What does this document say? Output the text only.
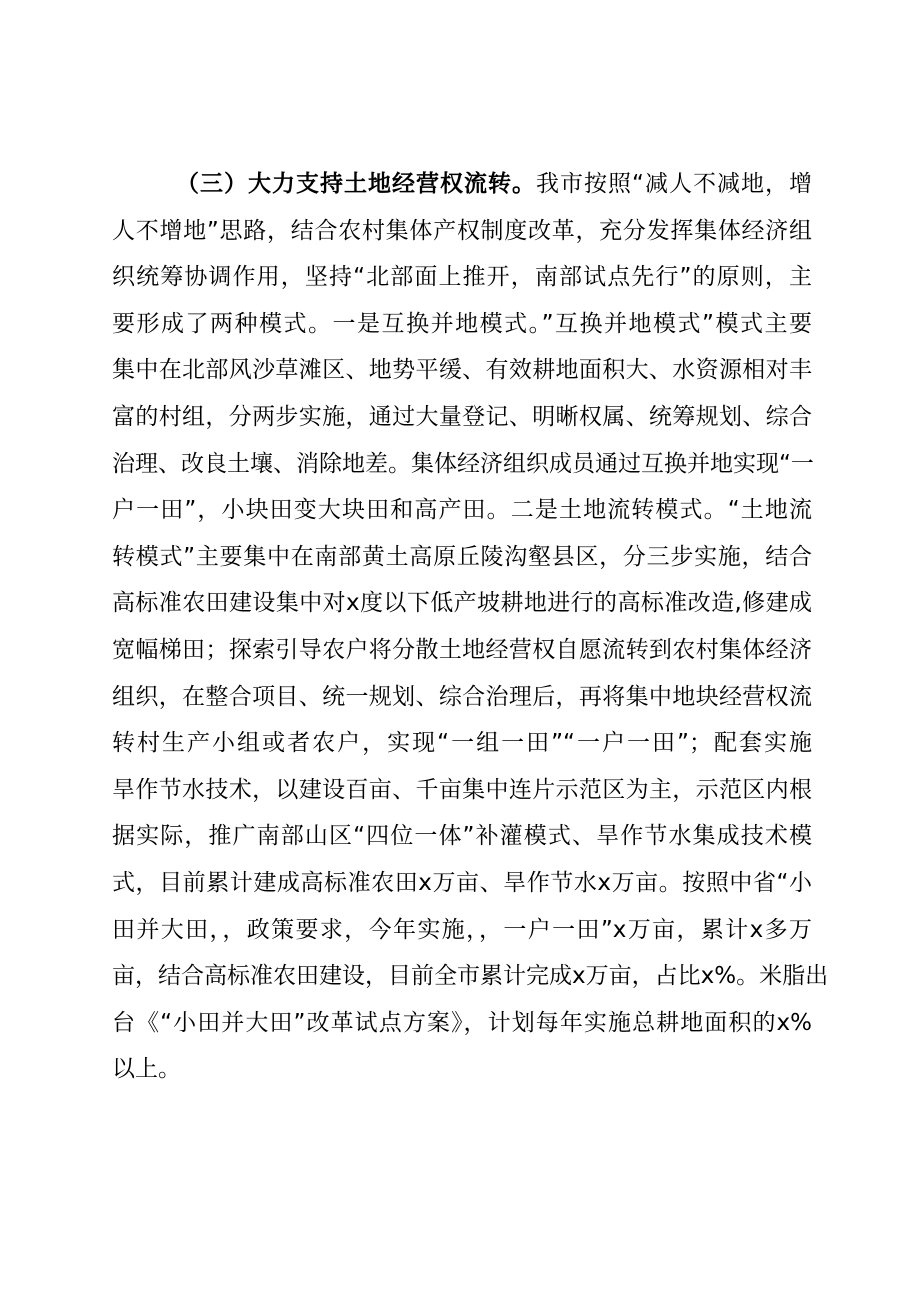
（三）大力支持土地经营权流转。我市按照“减人不减地，增
人不增地”思路，结合农村集体产权制度改革，充分发挥集体经济组
织统筹协调作用，坚持“北部面上推开，南部试点先行”的原则，主
要形成了两种模式。一是互换并地模式。”互换并地模式”模式主要
集中在北部风沙草滩区、地势平缓、有效耕地面积大、水资源相对丰
富的村组，分两步实施，通过大量登记、明晰权属、统筹规划、综合
治理、改良土壤、消除地差。集体经济组织成员通过互换并地实现“一
户一田”，小块田变大块田和高产田。二是土地流转模式。“土地流
转模式”主要集中在南部黄土高原丘陵沟壑县区，分三步实施，结合
高标准农田建设集中对x度以下低产坡耕地进行的高标准改造,修建成
宽幅梯田；探索引导农户将分散土地经营权自愿流转到农村集体经济
组织，在整合项目、统一规划、综合治理后，再将集中地块经营权流
转村生产小组或者农户，实现“一组一田”“一户一田”；配套实施
旱作节水技术，以建设百亩、千亩集中连片示范区为主，示范区内根
据实际，推广南部山区“四位一体”补灌模式、旱作节水集成技术模
式，目前累计建成高标准农田x万亩、旱作节水x万亩。按照中省“小
田并大田，，政策要求，今年实施，，一户一田”x万亩，累计x多万
亩，结合高标准农田建设，目前全市累计完成x万亩，占比x%。米脂出
台《“小田并大田”改革试点方案》，计划每年实施总耕地面积的x%
以上。
